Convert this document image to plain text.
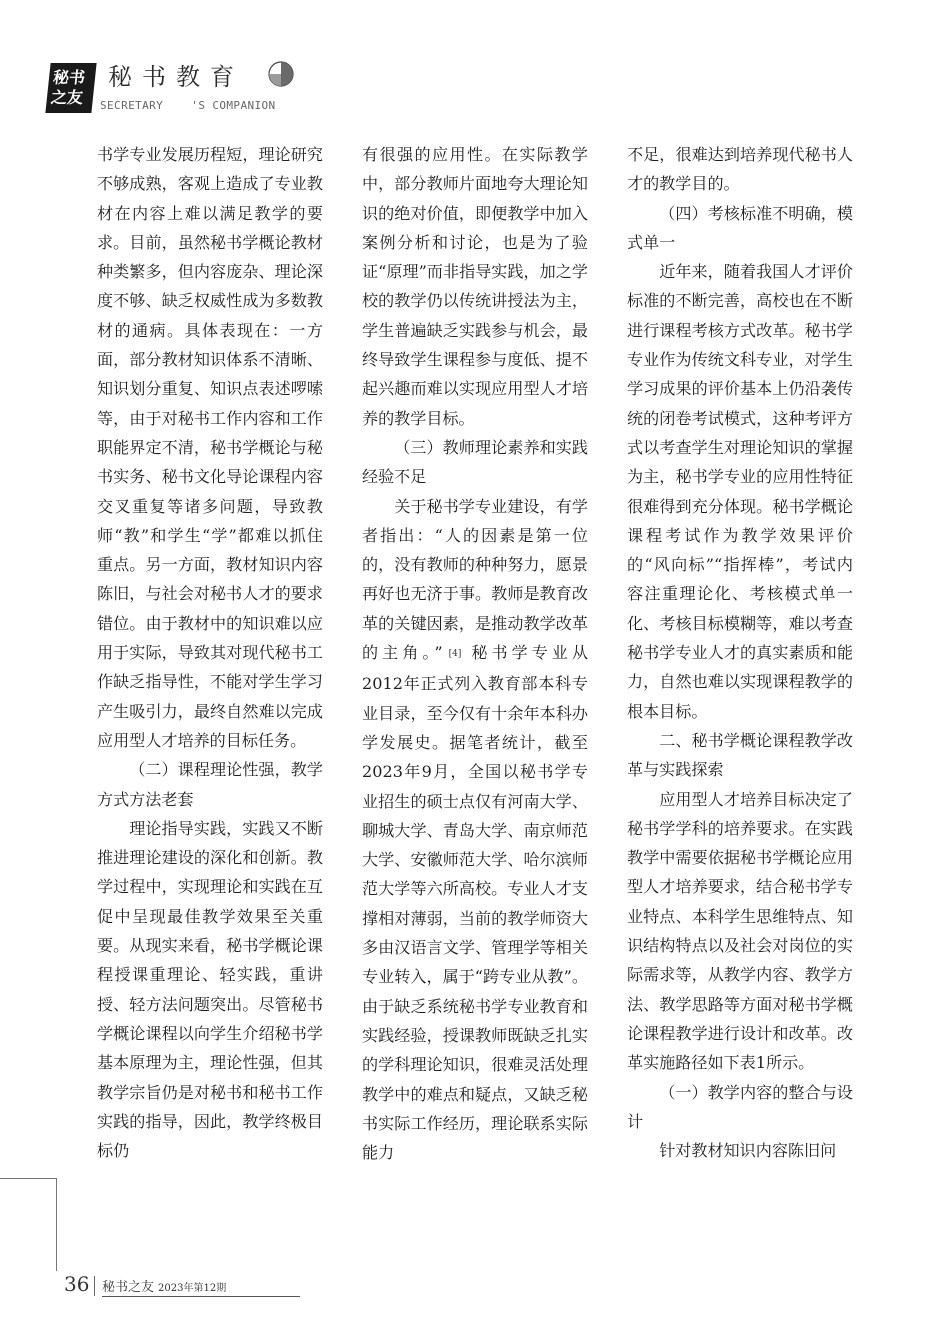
秘书
之友
秘书教育
SECRETARY    'S COMPANION

书学专业发展历程短，理论研究不够成熟，客观上造成了专业教材在内容上难以满足教学的要求。目前，虽然秘书学概论教材种类繁多，但内容庞杂、理论深度不够、缺乏权威性成为多数教材的通病。具体表现在：一方面，部分教材知识体系不清晰、知识划分重复、知识点表述啰嗦等，由于对秘书工作内容和工作职能界定不清，秘书学概论与秘书实务、秘书文化导论课程内容交叉重复等诸多问题，导致教师“教”和学生“学”都难以抓住重点。另一方面，教材知识内容陈旧，与社会对秘书人才的要求错位。由于教材中的知识难以应用于实际，导致其对现代秘书工作缺乏指导性，不能对学生学习产生吸引力，最终自然难以完成应用型人才培养的目标任务。

（二）课程理论性强，教学方式方法老套

理论指导实践，实践又不断推进理论建设的深化和创新。教学过程中，实现理论和实践在互促中呈现最佳教学效果至关重要。从现实来看，秘书学概论课程授课重理论、轻实践，重讲授、轻方法问题突出。尽管秘书学概论课程以向学生介绍秘书学基本原理为主，理论性强，但其教学宗旨仍是对秘书和秘书工作实践的指导，因此，教学终极目标仍

有很强的应用性。在实际教学中，部分教师片面地夸大理论知识的绝对价值，即便教学中加入案例分析和讨论，也是为了验证“原理”而非指导实践，加之学校的教学仍以传统讲授法为主，学生普遍缺乏实践参与机会，最终导致学生课程参与度低、提不起兴趣而难以实现应用型人才培养的教学目标。

（三）教师理论素养和实践经验不足

关于秘书学专业建设，有学者指出：“人的因素是第一位的，没有教师的种种努力，愿景再好也无济于事。教师是教育改革的关键因素，是推动教学改革的主角。” [4] 秘书学专业从2012年正式列入教育部本科专业目录，至今仅有十余年本科办学发展史。据笔者统计，截至2023年9月，全国以秘书学专业招生的硕士点仅有河南大学、聊城大学、青岛大学、南京师范大学、安徽师范大学、哈尔滨师范大学等六所高校。专业人才支撑相对薄弱，当前的教学师资大多由汉语言文学、管理学等相关专业转入，属于“跨专业从教”。由于缺乏系统秘书学专业教育和实践经验，授课教师既缺乏扎实的学科理论知识，很难灵活处理教学中的难点和疑点，又缺乏秘书实际工作经历，理论联系实际能力

不足，很难达到培养现代秘书人才的教学目的。

（四）考核标准不明确，模式单一

近年来，随着我国人才评价标准的不断完善，高校也在不断进行课程考核方式改革。秘书学专业作为传统文科专业，对学生学习成果的评价基本上仍沿袭传统的闭卷考试模式，这种考评方式以考查学生对理论知识的掌握为主，秘书学专业的应用性特征很难得到充分体现。秘书学概论课程考试作为教学效果评价的“风向标”“指挥棒”，考试内容注重理论化、考核模式单一化、考核目标模糊等，难以考查秘书学专业人才的真实素质和能力，自然也难以实现课程教学的根本目标。

二、秘书学概论课程教学改革与实践探索

应用型人才培养目标决定了秘书学学科的培养要求。在实践教学中需要依据秘书学概论应用型人才培养要求，结合秘书学专业特点、本科学生思维特点、知识结构特点以及社会对岗位的实际需求等，从教学内容、教学方法、教学思路等方面对秘书学概论课程教学进行设计和改革。改革实施路径如下表1所示。

（一）教学内容的整合与设计

针对教材知识内容陈旧问

36 秘书之友 2023年第12期
